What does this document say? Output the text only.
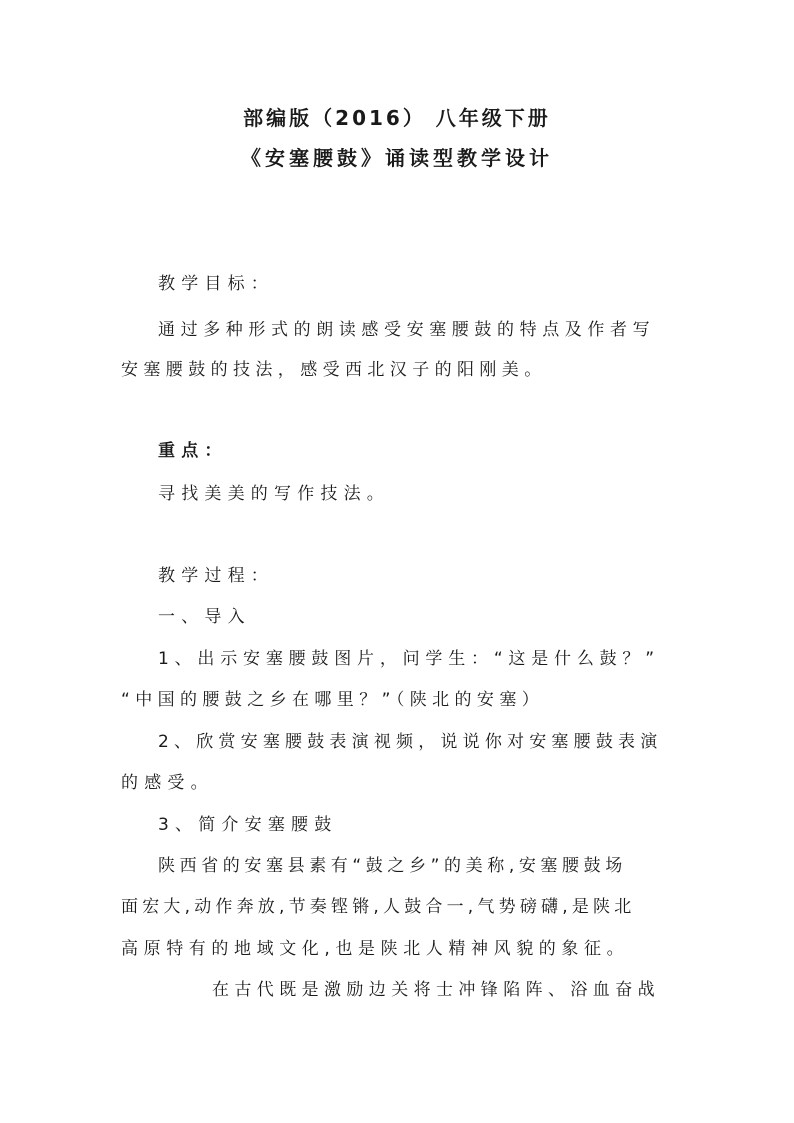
部编版（2016） 八年级下册
《安塞腰鼓》诵读型教学设计
教学目标：
通过多种形式的朗读感受安塞腰鼓的特点及作者写
安塞腰鼓的技法，感受西北汉子的阳刚美。
重点：
寻找美美的写作技法。
教学过程：
一、导入
1、出示安塞腰鼓图片，问学生：“这是什么鼓？”
“中国的腰鼓之乡在哪里？”（陕北的安塞）
2、欣赏安塞腰鼓表演视频，说说你对安塞腰鼓表演
的感受。
3、简介安塞腰鼓
陕西省的安塞县素有“鼓之乡”的美称,安塞腰鼓场
面宏大,动作奔放,节奏铿锵,人鼓合一,气势磅礴,是陕北
高原特有的地域文化,也是陕北人精神风貌的象征。
在古代既是激励边关将士冲锋陷阵、浴血奋战
